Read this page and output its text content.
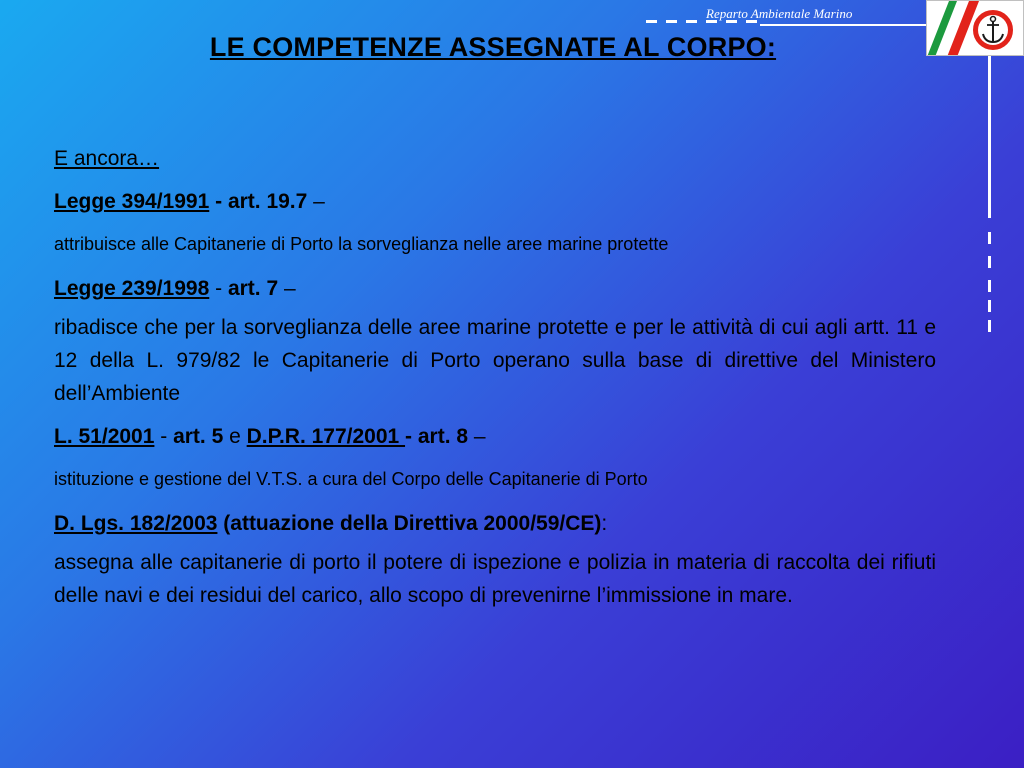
Reparto Ambientale Marino
LE COMPETENZE ASSEGNATE AL CORPO:

E ancora…

Legge 394/1991 - art. 19.7 –

attribuisce alle Capitanerie di Porto la sorveglianza nelle aree marine protette

Legge 239/1998 - art. 7 –

ribadisce che per la sorveglianza delle aree marine protette e per le attività di cui agli artt. 11 e 12 della L. 979/82 le Capitanerie di Porto operano sulla base di direttive del Ministero dell’Ambiente

L. 51/2001 - art. 5 e D.P.R. 177/2001 - art. 8 –

istituzione e gestione del V.T.S. a cura del Corpo delle Capitanerie di Porto

D. Lgs. 182/2003 (attuazione della Direttiva 2000/59/CE):

assegna alle capitanerie di porto il potere di ispezione e polizia in materia di raccolta dei rifiuti delle navi e dei residui del carico, allo scopo di prevenirne l’immissione in mare.
